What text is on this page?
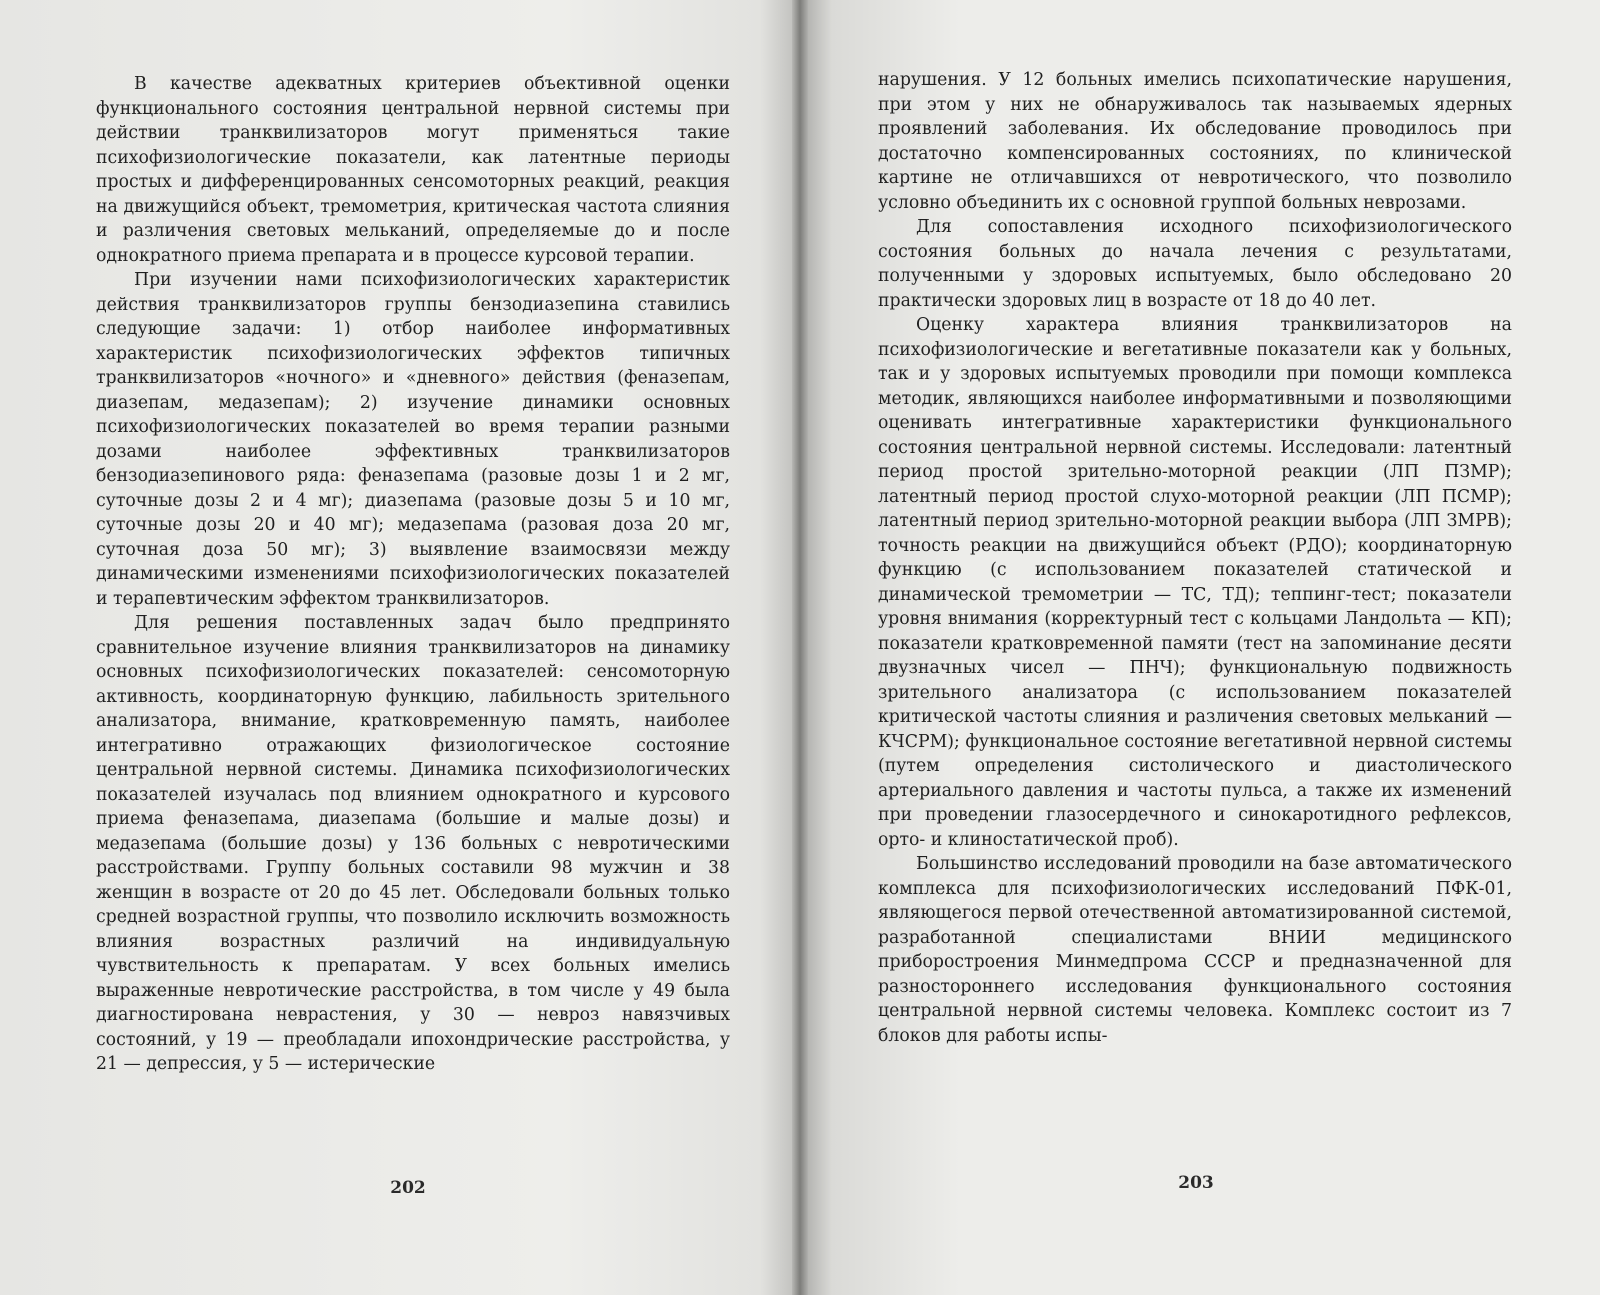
В качестве адекватных критериев объективной оценки функционального состояния центральной нервной системы при действии транквилизаторов могут применяться такие психофизиологические показатели, как латентные периоды простых и дифференцированных сенсомоторных реакций, реакция на движущийся объект, тремометрия, критическая частота слияния и различения световых мельканий, определяемые до и после однократного приема препарата и в процессе курсовой терапии.

При изучении нами психофизиологических характеристик действия транквилизаторов группы бензодиазепина ставились следующие задачи: 1) отбор наиболее информативных характеристик психофизиологических эффектов типичных транквилизаторов «ночного» и «дневного» действия (феназепам, диазепам, медазепам); 2) изучение динамики основных психофизиологических показателей во время терапии разными дозами наиболее эффективных транквилизаторов бензодиазепинового ряда: феназепама (разовые дозы 1 и 2 мг, суточные дозы 2 и 4 мг); диазепама (разовые дозы 5 и 10 мг, суточные дозы 20 и 40 мг); медазепама (разовая доза 20 мг, суточная доза 50 мг); 3) выявление взаимосвязи между динамическими изменениями психофизиологических показателей и терапевтическим эффектом транквилизаторов.

Для решения поставленных задач было предпринято сравнительное изучение влияния транквилизаторов на динамику основных психофизиологических показателей: сенсомоторную активность, координаторную функцию, лабильность зрительного анализатора, внимание, кратковременную память, наиболее интегративно отражающих физиологическое состояние центральной нервной системы. Динамика психофизиологических показателей изучалась под влиянием однократного и курсового приема феназепама, диазепама (большие и малые дозы) и медазепама (большие дозы) у 136 больных с невротическими расстройствами. Группу больных составили 98 мужчин и 38 женщин в возрасте от 20 до 45 лет. Обследовали больных только средней возрастной группы, что позволило исключить возможность влияния возрастных различий на индивидуальную чувствительность к препаратам. У всех больных имелись выраженные невротические расстройства, в том числе у 49 была диагностирована неврастения, у 30 — невроз навязчивых состояний, у 19 — преобладали ипохондрические расстройства, у 21 — депрессия, у 5 — истерические

202

нарушения. У 12 больных имелись психопатические нарушения, при этом у них не обнаруживалось так называемых ядерных проявлений заболевания. Их обследование проводилось при достаточно компенсированных состояниях, по клинической картине не отличавшихся от невротического, что позволило условно объединить их с основной группой больных неврозами.

Для сопоставления исходного психофизиологического состояния больных до начала лечения с результатами, полученными у здоровых испытуемых, было обследовано 20 практически здоровых лиц в возрасте от 18 до 40 лет.

Оценку характера влияния транквилизаторов на психофизиологические и вегетативные показатели как у больных, так и у здоровых испытуемых проводили при помощи комплекса методик, являющихся наиболее информативными и позволяющими оценивать интегративные характеристики функционального состояния центральной нервной системы. Исследовали: латентный период простой зрительно-моторной реакции (ЛП ПЗМР); латентный период простой слухо-моторной реакции (ЛП ПСМР); латентный период зрительно-моторной реакции выбора (ЛП ЗМРВ); точность реакции на движущийся объект (РДО); координаторную функцию (с использованием показателей статической и динамической тремометрии — ТС, ТД); теппинг-тест; показатели уровня внимания (корректурный тест с кольцами Ландольта — КП); показатели кратковременной памяти (тест на запоминание десяти двузначных чисел — ПНЧ); функциональную подвижность зрительного анализатора (с использованием показателей критической частоты слияния и различения световых мельканий — КЧСРМ); функциональное состояние вегетативной нервной системы (путем определения систолического и диастолического артериального давления и частоты пульса, а также их изменений при проведении глазосердечного и синокаротидного рефлексов, орто- и клиностатической проб).

Большинство исследований проводили на базе автоматического комплекса для психофизиологических исследований ПФК-01, являющегося первой отечественной автоматизированной системой, разработанной специалистами ВНИИ медицинского приборостроения Минмедпрома СССР и предназначенной для разностороннего исследования функционального состояния центральной нервной системы человека. Комплекс состоит из 7 блоков для работы испы-

203
